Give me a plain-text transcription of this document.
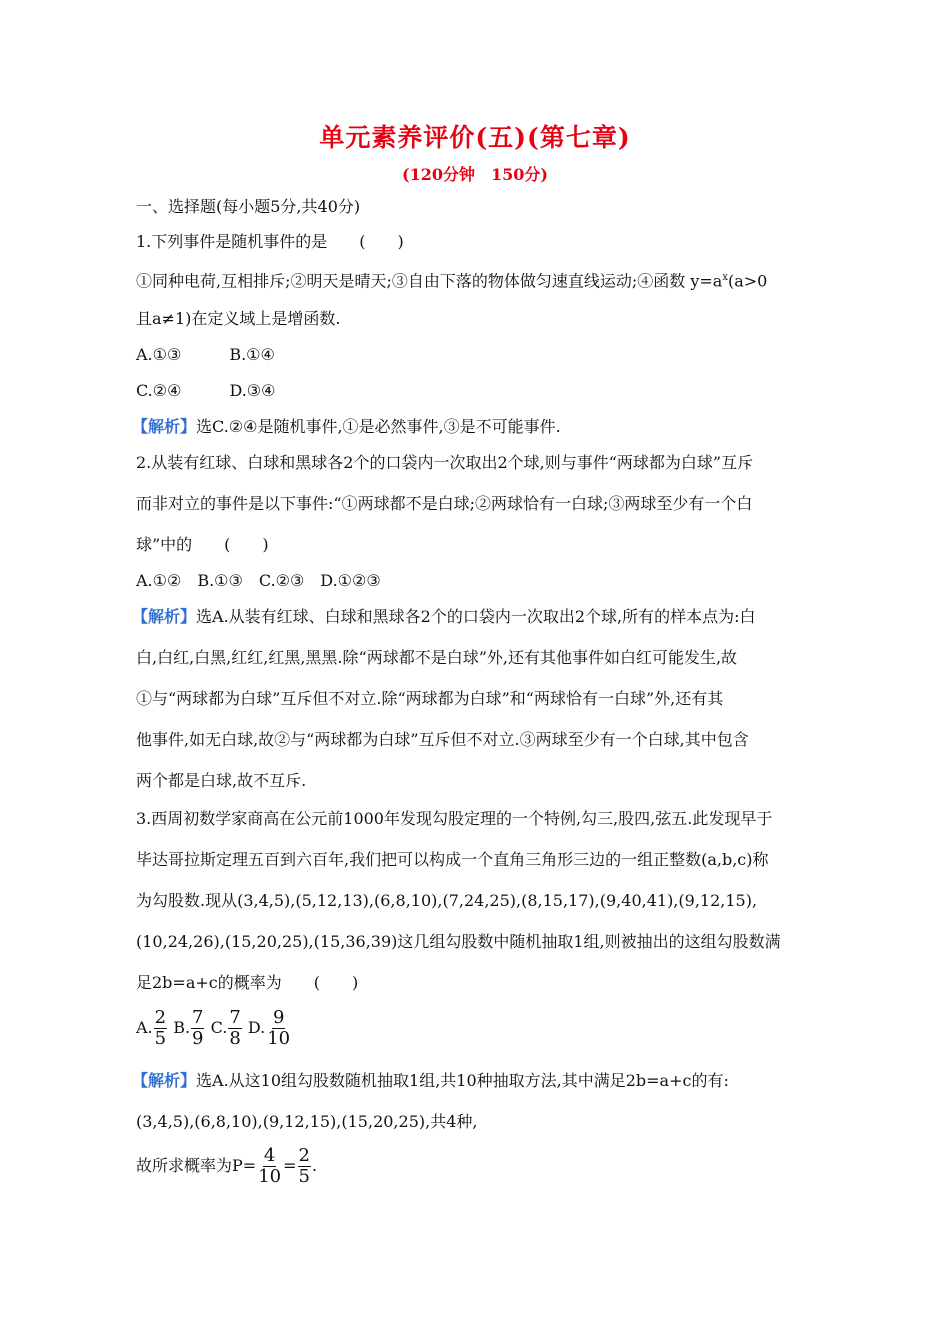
单元素养评价(五)(第七章)
(120分钟　150分)
一、选择题(每小题5分,共40分)
1.下列事件是随机事件的是　　(　　)
①同种电荷,互相排斥;②明天是晴天;③自由下落的物体做匀速直线运动;④函数 $y=a^x(a>0$
且a≠1)在定义域上是增函数.
A.①③　　　B.①④
C.②④　　　D.③④
【解析】选C.②④是随机事件,①是必然事件,③是不可能事件.
2.从装有红球、白球和黑球各2个的口袋内一次取出2个球,则与事件“两球都为白球”互斥
而非对立的事件是以下事件:“①两球都不是白球;②两球恰有一白球;③两球至少有一个白
球”中的　　(　　)
A.①②　B.①③　C.②③　D.①②③
【解析】选A.从装有红球、白球和黑球各2个的口袋内一次取出2个球,所有的样本点为:白
白,白红,白黑,红红,红黑,黑黑.除“两球都不是白球”外,还有其他事件如白红可能发生,故
①与“两球都为白球”互斥但不对立.除“两球都为白球”和“两球恰有一白球”外,还有其
他事件,如无白球,故②与“两球都为白球”互斥但不对立.③两球至少有一个白球,其中包含
两个都是白球,故不互斥.
3.西周初数学家商高在公元前1000年发现勾股定理的一个特例,勾三,股四,弦五.此发现早于
毕达哥拉斯定理五百到六百年,我们把可以构成一个直角三角形三边的一组正整数(a,b,c)称
为勾股数.现从(3,4,5),(5,12,13),(6,8,10),(7,24,25),(8,15,17),(9,40,41),(9,12,15),
(10,24,26),(15,20,25),(15,36,39)这几组勾股数中随机抽取1组,则被抽出的这组勾股数满
足2b=a+c的概率为　　(　　)
A. $\frac{2}{5} B$. $\frac{7}{9} C$. $\frac{7}{8} D$. $\frac{9}{10}$
【解析】选A.从这10组勾股数随机抽取1组,共10种抽取方法,其中满足2b=a+c的有:
(3,4,5),(6,8,10),(9,12,15),(15,20,25),共4种,
故所求概率为$P= \frac{4}{10} = \frac{2}{5}$ .
